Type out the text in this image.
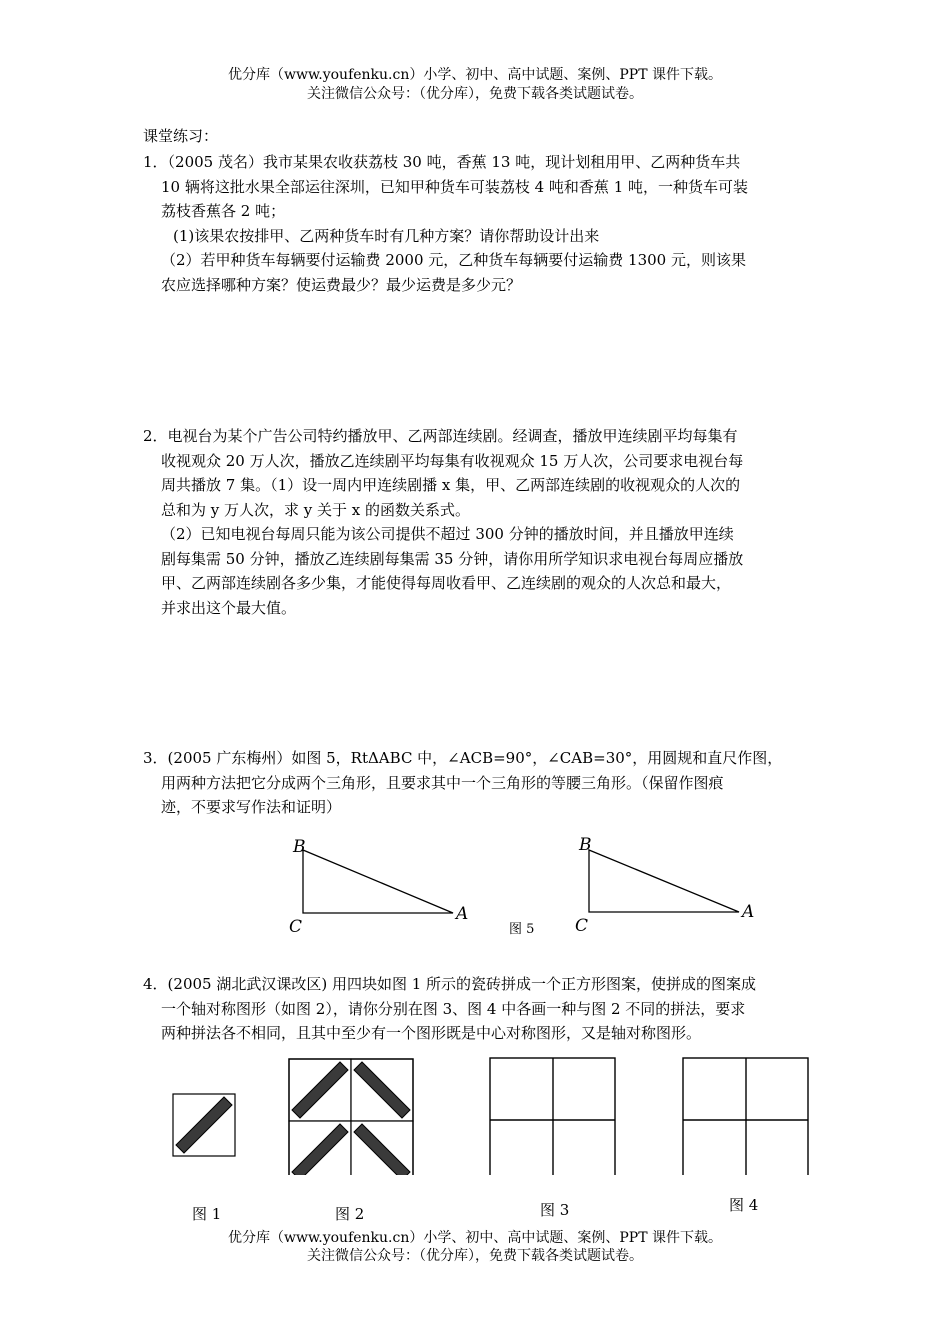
优分库（www.youfenku.cn）小学、初中、高中试题、案例、PPT 课件下载。
关注微信公众号：（优分库），免费下载各类试题试卷。
课堂练习：

1．（2005 茂名）我市某果农收获荔枝 30 吨，香蕉 13 吨，现计划租用甲、乙两种货车共

10 辆将这批水果全部运往深圳，已知甲种货车可装荔枝 4 吨和香蕉 1 吨，一种货车可装

荔枝香蕉各 2 吨；

(1)该果农按排甲、乙两种货车时有几种方案？请你帮助设计出来

（2）若甲种货车每辆要付运输费 2000 元，乙种货车每辆要付运输费 1300 元，则该果

农应选择哪种方案？使运费最少？最少运费是多少元？

2．电视台为某个广告公司特约播放甲、乙两部连续剧。经调查，播放甲连续剧平均每集有

收视观众 20 万人次，播放乙连续剧平均每集有收视观众 15 万人次，公司要求电视台每

周共播放 7 集。（1）设一周内甲连续剧播 x 集，甲、乙两部连续剧的收视观众的人次的

总和为 y 万人次，求 y 关于 x 的函数关系式。

（2）已知电视台每周只能为该公司提供不超过 300 分钟的播放时间，并且播放甲连续

剧每集需 50 分钟，播放乙连续剧每集需 35 分钟，请你用所学知识求电视台每周应播放

甲、乙两部连续剧各多少集，才能使得每周收看甲、乙连续剧的观众的人次总和最大，

并求出这个最大值。

3．(2005 广东梅州）如图 5，RtΔABC 中，∠ACB=90°，∠CAB=30°，用圆规和直尺作图，

用两种方法把它分成两个三角形，且要求其中一个三角形的等腰三角形。（保留作图痕

迹，不要求写作法和证明）

B
C
A
B
C
A
图 5

4．(2005 湖北武汉课改区) 用四块如图 1 所示的瓷砖拼成一个正方形图案，使拼成的图案成

一个轴对称图形（如图 2），请你分别在图 3、图 4 中各画一种与图 2 不同的拼法，要求

两种拼法各不相同，且其中至少有一个图形既是中心对称图形，又是轴对称图形。

图 1	图 2	图 3	图 4
优分库（www.youfenku.cn）小学、初中、高中试题、案例、PPT 课件下载。
关注微信公众号：（优分库），免费下载各类试题试卷。
